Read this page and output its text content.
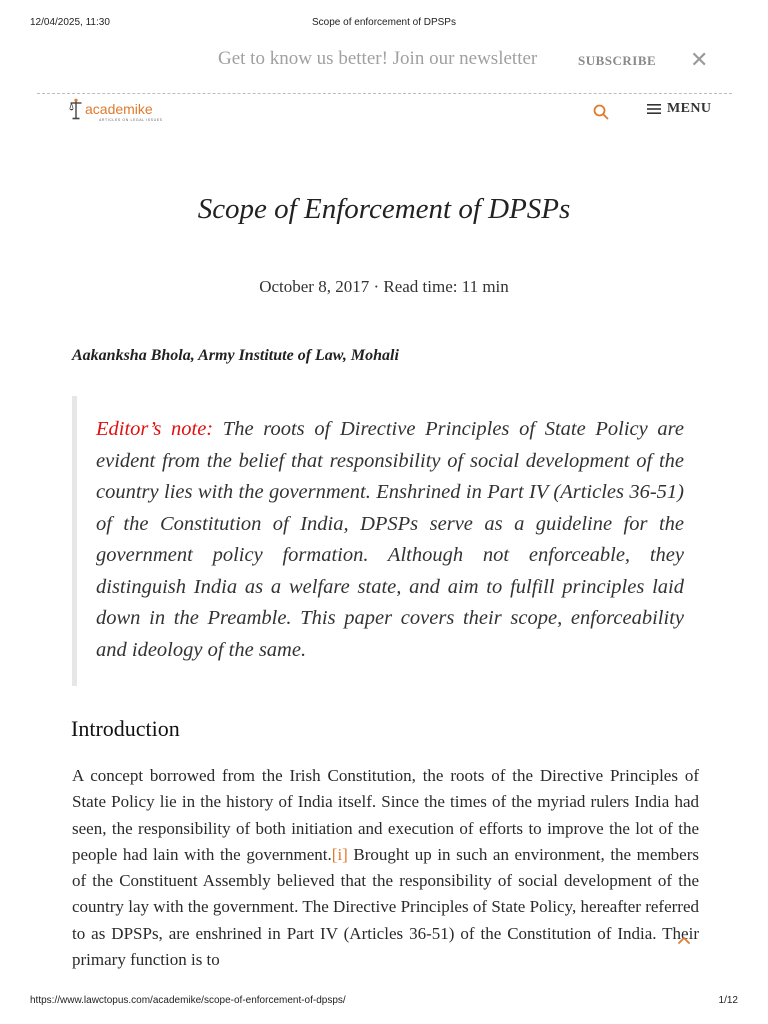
12/04/2025, 11:30	Scope of enforcement of DPSPs
Get to know us better! Join our newsletter	SUBSCRIBE ✕
academike
ARTICLES ON LEGAL ISSUES
MENU
Scope of Enforcement of DPSPs
October 8, 2017 · Read time: 11 min
Aakanksha Bhola, Army Institute of Law, Mohali

Editor’s note: The roots of Directive Principles of State Policy are evident from the belief that responsibility of social development of the country lies with the government. Enshrined in Part IV (Articles 36-51) of the Constitution of India, DPSPs serve as a guideline for the government policy formation. Although not enforceable, they distinguish India as a welfare state, and aim to fulfill principles laid down in the Preamble. This paper covers their scope, enforceability and ideology of the same.

Introduction

A concept borrowed from the Irish Constitution, the roots of the Directive Principles of State Policy lie in the history of India itself. Since the times of the myriad rulers India had seen, the responsibility of both initiation and execution of efforts to improve the lot of the people had lain with the government.[i] Brought up in such an environment, the members of the Constituent Assembly believed that the responsibility of social development of the country lay with the government. The Directive Principles of State Policy, hereafter referred to as DPSPs, are enshrined in Part IV (Articles 36-51) of the Constitution of India. Their primary function is to

https://www.lawctopus.com/academike/scope-of-enforcement-of-dpsps/	1/12
